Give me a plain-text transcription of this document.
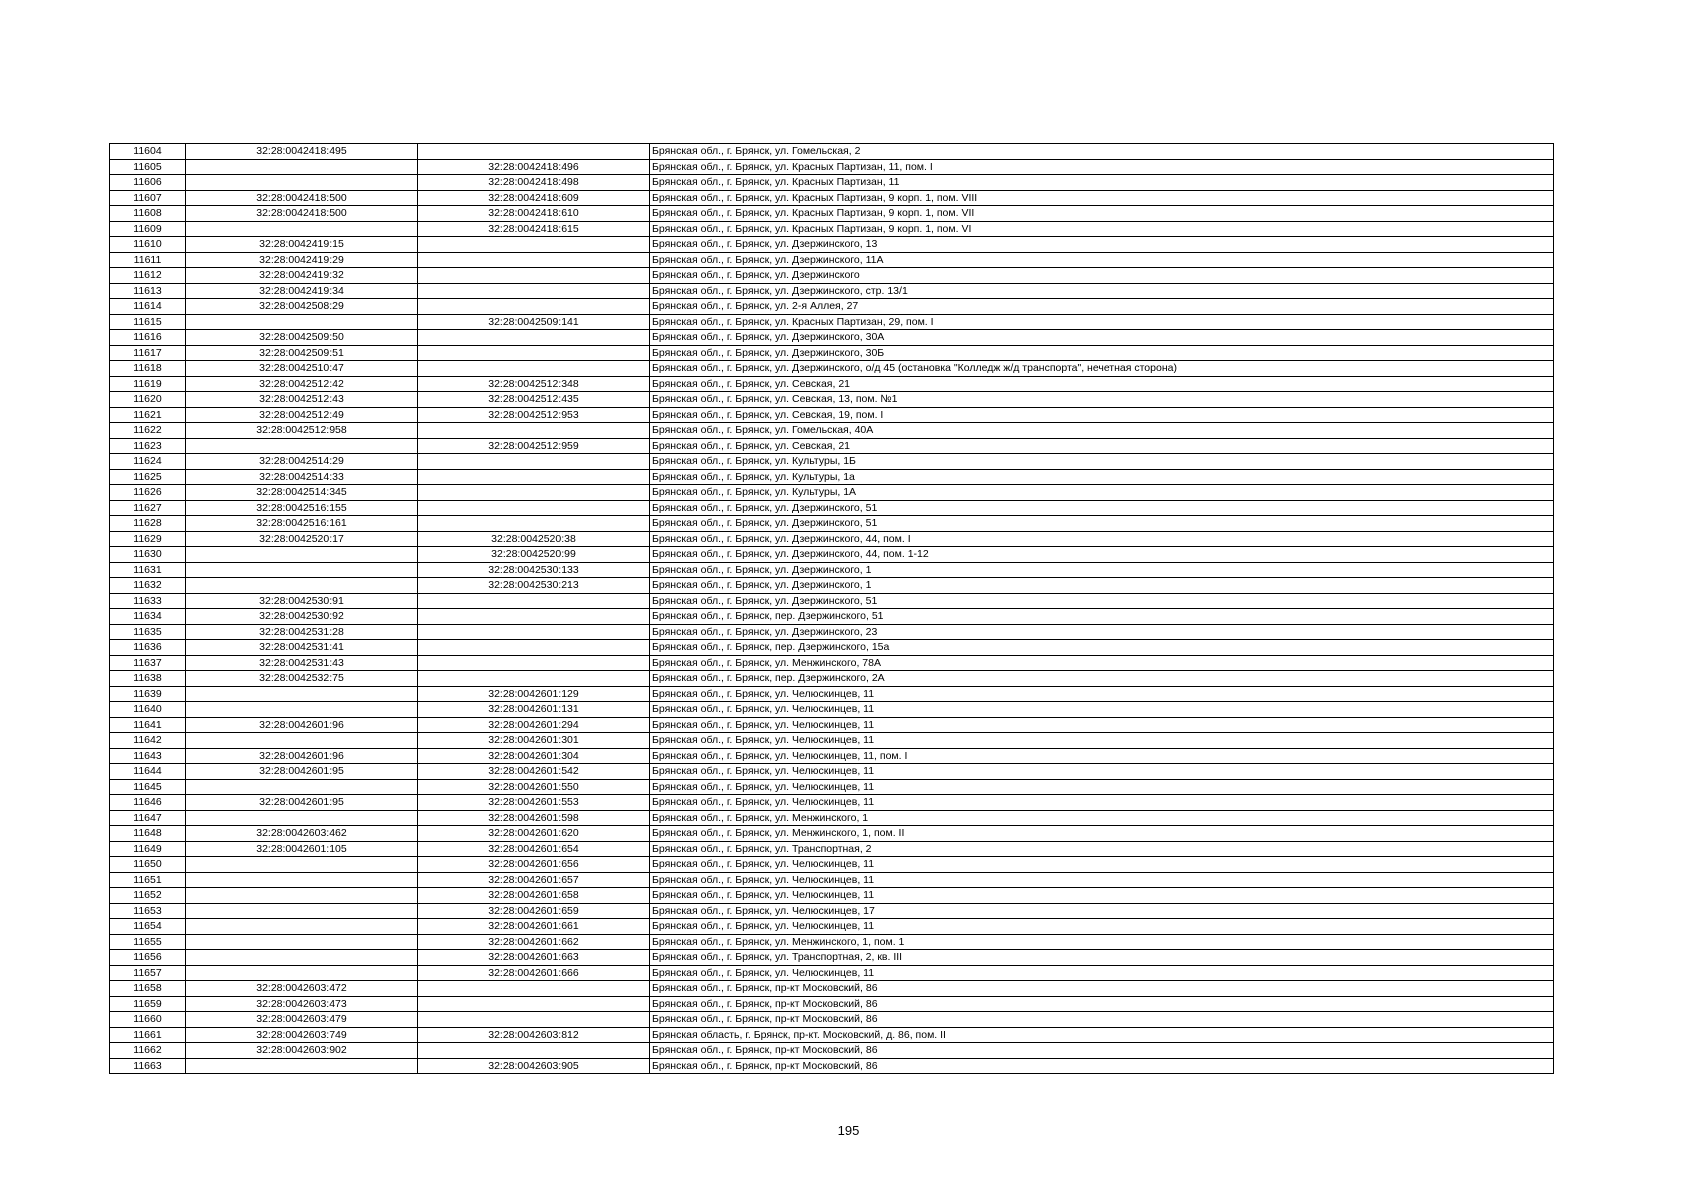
11604	32:28:0042418:495		Брянская обл., г. Брянск, ул. Гомельская, 2
11605		32:28:0042418:496	Брянская обл., г. Брянск, ул. Красных Партизан, 11, пом. I
11606		32:28:0042418:498	Брянская обл., г. Брянск, ул. Красных Партизан, 11
11607	32:28:0042418:500	32:28:0042418:609	Брянская обл., г. Брянск, ул. Красных Партизан, 9 корп. 1, пом. VIII
11608	32:28:0042418:500	32:28:0042418:610	Брянская обл., г. Брянск, ул. Красных Партизан, 9 корп. 1, пом. VII
11609		32:28:0042418:615	Брянская обл., г. Брянск, ул. Красных Партизан, 9 корп. 1, пом. VI
11610	32:28:0042419:15		Брянская обл., г. Брянск, ул. Дзержинского, 13
11611	32:28:0042419:29		Брянская обл., г. Брянск, ул. Дзержинского, 11А
11612	32:28:0042419:32		Брянская обл., г. Брянск, ул. Дзержинского
11613	32:28:0042419:34		Брянская обл., г. Брянск, ул. Дзержинского, стр. 13/1
11614	32:28:0042508:29		Брянская обл., г. Брянск, ул. 2-я Аллея, 27
11615		32:28:0042509:141	Брянская обл., г. Брянск, ул. Красных Партизан, 29, пом. I
11616	32:28:0042509:50		Брянская обл., г. Брянск, ул. Дзержинского, 30А
11617	32:28:0042509:51		Брянская обл., г. Брянск, ул. Дзержинского, 30Б
11618	32:28:0042510:47		Брянская обл., г. Брянск, ул. Дзержинского, о/д 45 (остановка "Колледж ж/д транспорта", нечетная сторона)
11619	32:28:0042512:42	32:28:0042512:348	Брянская обл., г. Брянск, ул. Севская, 21
11620	32:28:0042512:43	32:28:0042512:435	Брянская обл., г. Брянск, ул. Севская, 13, пом. №1
11621	32:28:0042512:49	32:28:0042512:953	Брянская обл., г. Брянск, ул. Севская, 19, пом. I
11622	32:28:0042512:958		Брянская обл., г. Брянск, ул. Гомельская, 40А
11623		32:28:0042512:959	Брянская обл., г. Брянск, ул. Севская, 21
11624	32:28:0042514:29		Брянская обл., г. Брянск, ул. Культуры, 1Б
11625	32:28:0042514:33		Брянская обл., г. Брянск, ул. Культуры, 1а
11626	32:28:0042514:345		Брянская обл., г. Брянск, ул. Культуры, 1А
11627	32:28:0042516:155		Брянская обл., г. Брянск, ул. Дзержинского, 51
11628	32:28:0042516:161		Брянская обл., г. Брянск, ул. Дзержинского, 51
11629	32:28:0042520:17	32:28:0042520:38	Брянская обл., г. Брянск, ул. Дзержинского, 44, пом. I
11630		32:28:0042520:99	Брянская обл., г. Брянск, ул. Дзержинского, 44, пом. 1-12
11631		32:28:0042530:133	Брянская обл., г. Брянск, ул. Дзержинского, 1
11632		32:28:0042530:213	Брянская обл., г. Брянск, ул. Дзержинского, 1
11633	32:28:0042530:91		Брянская обл., г. Брянск, ул. Дзержинского, 51
11634	32:28:0042530:92		Брянская обл., г. Брянск, пер. Дзержинского, 51
11635	32:28:0042531:28		Брянская обл., г. Брянск, ул. Дзержинского, 23
11636	32:28:0042531:41		Брянская обл., г. Брянск, пер. Дзержинского, 15а
11637	32:28:0042531:43		Брянская обл., г. Брянск, ул. Менжинского, 78А
11638	32:28:0042532:75		Брянская обл., г. Брянск, пер. Дзержинского, 2А
11639		32:28:0042601:129	Брянская обл., г. Брянск, ул. Челюскинцев, 11
11640		32:28:0042601:131	Брянская обл., г. Брянск, ул. Челюскинцев, 11
11641	32:28:0042601:96	32:28:0042601:294	Брянская обл., г. Брянск, ул. Челюскинцев, 11
11642		32:28:0042601:301	Брянская обл., г. Брянск, ул. Челюскинцев, 11
11643	32:28:0042601:96	32:28:0042601:304	Брянская обл., г. Брянск, ул. Челюскинцев, 11, пом. I
11644	32:28:0042601:95	32:28:0042601:542	Брянская обл., г. Брянск, ул. Челюскинцев, 11
11645		32:28:0042601:550	Брянская обл., г. Брянск, ул. Челюскинцев, 11
11646	32:28:0042601:95	32:28:0042601:553	Брянская обл., г. Брянск, ул. Челюскинцев, 11
11647		32:28:0042601:598	Брянская обл., г. Брянск, ул. Менжинского, 1
11648	32:28:0042603:462	32:28:0042601:620	Брянская обл., г. Брянск, ул. Менжинского, 1, пом. II
11649	32:28:0042601:105	32:28:0042601:654	Брянская обл., г. Брянск, ул. Транспортная, 2
11650		32:28:0042601:656	Брянская обл., г. Брянск, ул. Челюскинцев, 11
11651		32:28:0042601:657	Брянская обл., г. Брянск, ул. Челюскинцев, 11
11652		32:28:0042601:658	Брянская обл., г. Брянск, ул. Челюскинцев, 11
11653		32:28:0042601:659	Брянская обл., г. Брянск, ул. Челюскинцев, 17
11654		32:28:0042601:661	Брянская обл., г. Брянск, ул. Челюскинцев, 11
11655		32:28:0042601:662	Брянская обл., г. Брянск, ул. Менжинского, 1, пом. 1
11656		32:28:0042601:663	Брянская обл., г. Брянск, ул. Транспортная, 2, кв. III
11657		32:28:0042601:666	Брянская обл., г. Брянск, ул. Челюскинцев, 11
11658	32:28:0042603:472		Брянская обл., г. Брянск, пр-кт Московский, 86
11659	32:28:0042603:473		Брянская обл., г. Брянск, пр-кт Московский, 86
11660	32:28:0042603:479		Брянская обл., г. Брянск, пр-кт Московский, 86
11661	32:28:0042603:749	32:28:0042603:812	Брянская область, г. Брянск, пр-кт. Московский, д. 86, пом. II
11662	32:28:0042603:902		Брянская обл., г. Брянск, пр-кт Московский, 86
11663		32:28:0042603:905	Брянская обл., г. Брянск, пр-кт Московский, 86
195
